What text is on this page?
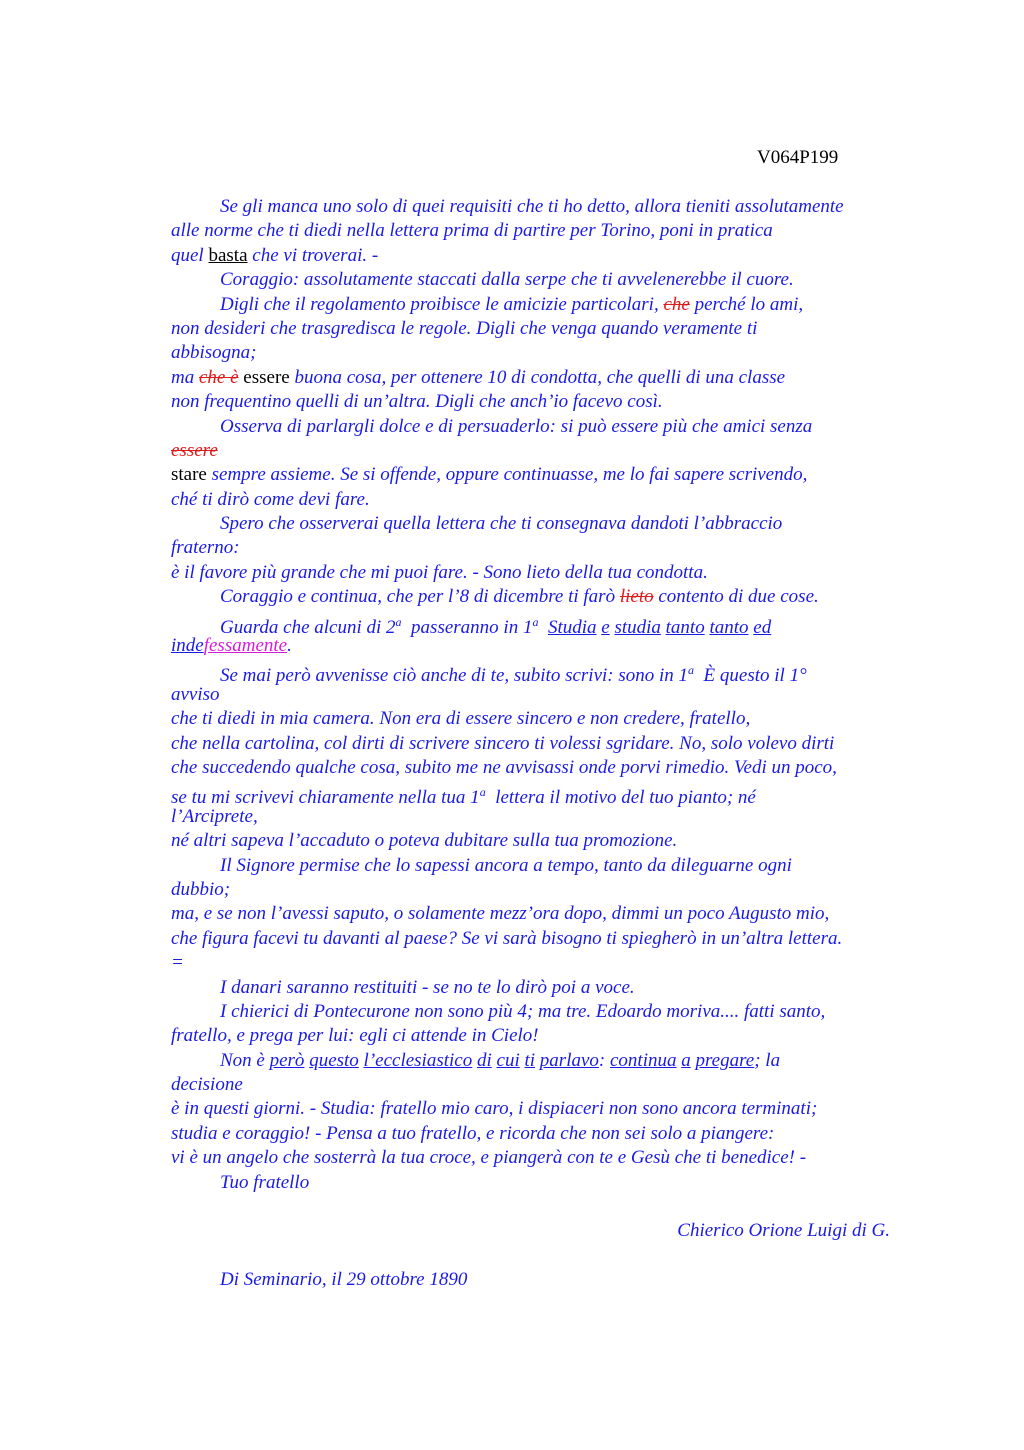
V064P199
Se gli manca uno solo di quei requisiti che ti ho detto, allora tieniti assolutamente
alle norme che ti diedi nella lettera prima di partire per Torino, poni in pratica
quel basta che vi troverai. -
Coraggio: assolutamente staccati dalla serpe che ti avvelenerebbe il cuore.
Digli che il regolamento proibisce le amicizie particolari, che perché lo ami,
non desideri che trasgredisca le regole. Digli che venga quando veramente ti
abbisogna;
ma che è essere buona cosa, per ottenere 10 di condotta, che quelli di una classe
non frequentino quelli di un’altra. Digli che anch’io facevo così.
Osserva di parlargli dolce e di persuaderlo: si può essere più che amici senza
essere
stare sempre assieme. Se si offende, oppure continuasse, me lo fai sapere scrivendo,
ché ti dirò come devi fare.
Spero che osserverai quella lettera che ti consegnava dandoti l’abbraccio
fraterno:
è il favore più grande che mi puoi fare. - Sono lieto della tua condotta.
Coraggio e continua, che per l’8 di dicembre ti farò lieto contento di due cose.
Guarda che alcuni di 2$^a$ passeranno in 1$^a$ Studia e studia tanto tanto ed
indefessamente.
Se mai però avvenisse ciò anche di te, subito scrivi: sono in 1$^a$ È questo il 1°
avviso
che ti diedi in mia camera. Non era di essere sincero e non credere, fratello,
che nella cartolina, col dirti di scrivere sincero ti volessi sgridare. No, solo volevo dirti
che succedendo qualche cosa, subito me ne avvisassi onde porvi rimedio. Vedi un poco,
se tu mi scrivevi chiaramente nella tua 1$^a$ lettera il motivo del tuo pianto; né
l’Arciprete,
né altri sapeva l’accaduto o poteva dubitare sulla tua promozione.
Il Signore permise che lo sapessi ancora a tempo, tanto da dileguarne ogni
dubbio;
ma, e se non l’avessi saputo, o solamente mezz’ora dopo, dimmi un poco Augusto mio,
che figura facevi tu davanti al paese? Se vi sarà bisogno ti spiegherò in un’altra lettera.
=
I danari saranno restituiti - se no te lo dirò poi a voce.
I chierici di Pontecurone non sono più 4; ma tre. Edoardo moriva.... fatti santo,
fratello, e prega per lui: egli ci attende in Cielo!
Non è però questo l’ecclesiastico di cui ti parlavo: continua a pregare; la
decisione
è in questi giorni. - Studia: fratello mio caro, i dispiaceri non sono ancora terminati;
studia e coraggio! - Pensa a tuo fratello, e ricorda che non sei solo a piangere:
vi è un angelo che sosterrà la tua croce, e piangerà con te e Gesù che ti benedice! -
Tuo fratello
Chierico Orione Luigi di G.
Di Seminario, il 29 ottobre 1890
